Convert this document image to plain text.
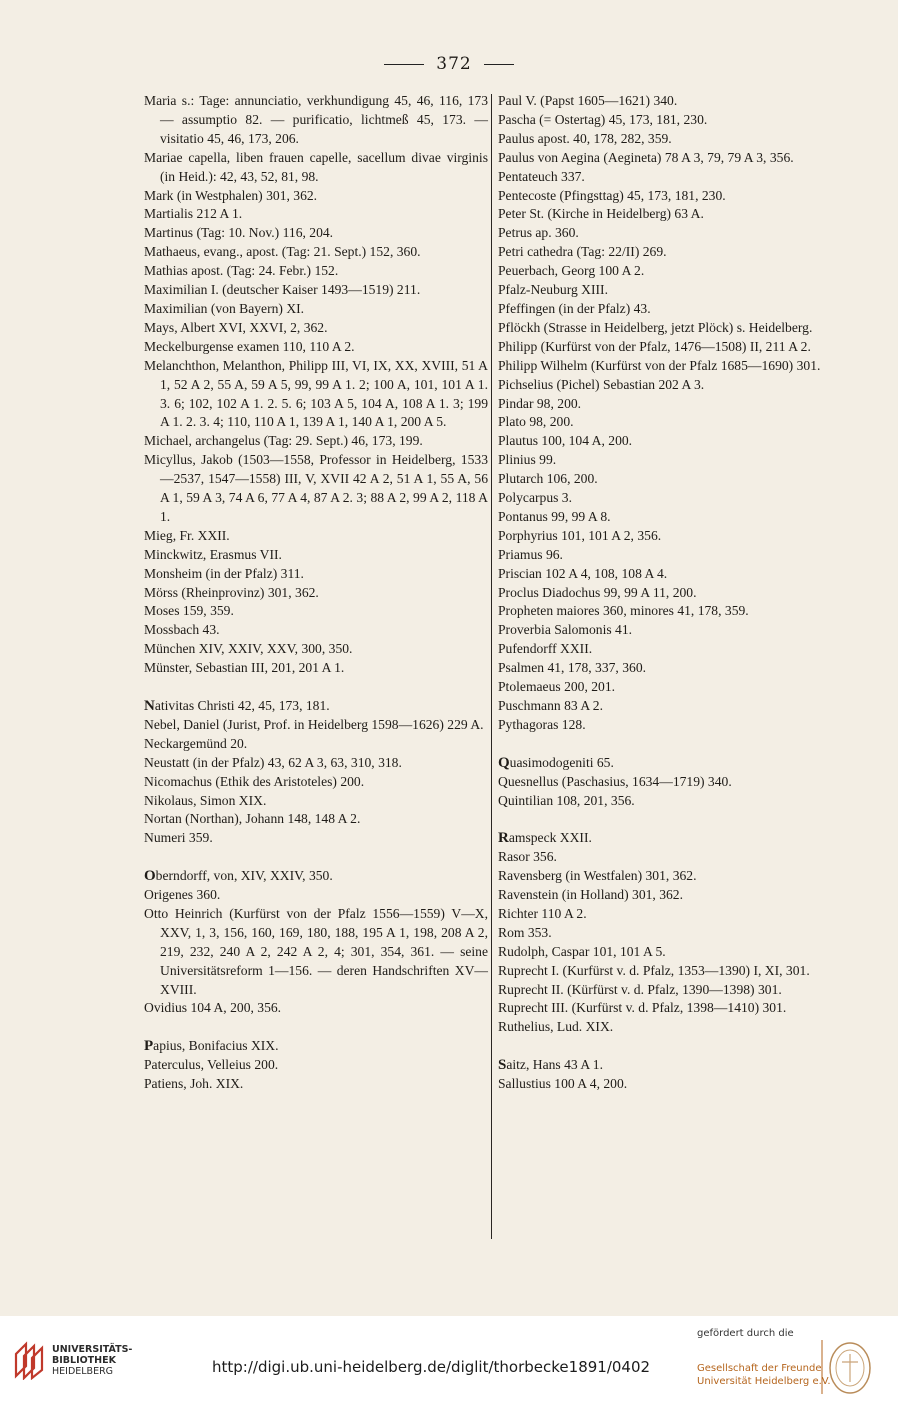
372
Maria s.: Tage: annunciatio, verkhundigung 45, 46, 116, 173 — assumptio 82. — purificatio, lichtmeß 45, 173. — visitatio 45, 46, 173, 206.
Mariae capella, liben frauen capelle, sacellum divae virginis (in Heid.): 42, 43, 52, 81, 98.
Mark (in Westphalen) 301, 362.
Martialis 212 A 1.
Martinus (Tag: 10. Nov.) 116, 204.
Mathaeus, evang., apost. (Tag: 21. Sept.) 152, 360.
Mathias apost. (Tag: 24. Febr.) 152.
Maximilian I. (deutscher Kaiser 1493—1519) 211.
Maximilian (von Bayern) XI.
Mays, Albert XVI, XXVI, 2, 362.
Meckelburgense examen 110, 110 A 2.
Melanchthon, Melanthon, Philipp III, VI, IX, XX, XVIII, 51 A 1, 52 A 2, 55 A, 59 A 5, 99, 99 A 1. 2; 100 A, 101, 101 A 1. 3. 6; 102, 102 A 1. 2. 5. 6; 103 A 5, 104 A, 108 A 1. 3; 199 A 1. 2. 3. 4; 110, 110 A 1, 139 A 1, 140 A 1, 200 A 5.
Michael, archangelus (Tag: 29. Sept.) 46, 173, 199.
Micyllus, Jakob (1503—1558, Professor in Heidelberg, 1533—2537, 1547—1558) III, V, XVII 42 A 2, 51 A 1, 55 A, 56 A 1, 59 A 3, 74 A 6, 77 A 4, 87 A 2. 3; 88 A 2, 99 A 2, 118 A 1.
Mieg, Fr. XXII.
Minckwitz, Erasmus VII.
Monsheim (in der Pfalz) 311.
Mörss (Rheinprovinz) 301, 362.
Moses 159, 359.
Mossbach 43.
München XIV, XXIV, XXV, 300, 350.
Münster, Sebastian III, 201, 201 A 1.
Nativitas Christi 42, 45, 173, 181.
Nebel, Daniel (Jurist, Prof. in Heidelberg 1598—1626) 229 A.
Neckargemünd 20.
Neustatt (in der Pfalz) 43, 62 A 3, 63, 310, 318.
Nicomachus (Ethik des Aristoteles) 200.
Nikolaus, Simon XIX.
Nortan (Northan), Johann 148, 148 A 2.
Numeri 359.
Oberndorff, von, XIV, XXIV, 350.
Origenes 360.
Otto Heinrich (Kurfürst von der Pfalz 1556—1559) V—X, XXV, 1, 3, 156, 160, 169, 180, 188, 195 A 1, 198, 208 A 2, 219, 232, 240 A 2, 242 A 2, 4; 301, 354, 361. — seine Universitätsreform 1—156. — deren Handschriften XV—XVIII.
Ovidius 104 A, 200, 356.
Papius, Bonifacius XIX.
Paterculus, Velleius 200.
Patiens, Joh. XIX.
Paul V. (Papst 1605—1621) 340.
Pascha (= Ostertag) 45, 173, 181, 230.
Paulus apost. 40, 178, 282, 359.
Paulus von Aegina (Aegineta) 78 A 3, 79, 79 A 3, 356.
Pentateuch 337.
Pentecoste (Pfingsttag) 45, 173, 181, 230.
Peter St. (Kirche in Heidelberg) 63 A.
Petrus ap. 360.
Petri cathedra (Tag: 22/II) 269.
Peuerbach, Georg 100 A 2.
Pfalz-Neuburg XIII.
Pfeffingen (in der Pfalz) 43.
Pflöckh (Strasse in Heidelberg, jetzt Plöck) s. Heidelberg.
Philipp (Kurfürst von der Pfalz, 1476—1508) II, 211 A 2.
Philipp Wilhelm (Kurfürst von der Pfalz 1685—1690) 301.
Pichselius (Pichel) Sebastian 202 A 3.
Pindar 98, 200.
Plato 98, 200.
Plautus 100, 104 A, 200.
Plinius 99.
Plutarch 106, 200.
Polycarpus 3.
Pontanus 99, 99 A 8.
Porphyrius 101, 101 A 2, 356.
Priamus 96.
Priscian 102 A 4, 108, 108 A 4.
Proclus Diadochus 99, 99 A 11, 200.
Propheten maiores 360, minores 41, 178, 359.
Proverbia Salomonis 41.
Pufendorff XXII.
Psalmen 41, 178, 337, 360.
Ptolemaeus 200, 201.
Puschmann 83 A 2.
Pythagoras 128.
Quasimodogeniti 65.
Quesnellus (Paschasius, 1634—1719) 340.
Quintilian 108, 201, 356.
Ramspeck XXII.
Rasor 356.
Ravensberg (in Westfalen) 301, 362.
Ravenstein (in Holland) 301, 362.
Richter 110 A 2.
Rom 353.
Rudolph, Caspar 101, 101 A 5.
Ruprecht I. (Kurfürst v. d. Pfalz, 1353—1390) I, XI, 301.
Ruprecht II. (Kürfürst v. d. Pfalz, 1390—1398) 301.
Ruprecht III. (Kurfürst v. d. Pfalz, 1398—1410) 301.
Ruthelius, Lud. XIX.
Saitz, Hans 43 A 1.
Sallustius 100 A 4, 200.
UNIVERSITÄTS-
BIBLIOTHEK
HEIDELBERG	http://digi.ub.uni-heidelberg.de/diglit/thorbecke1891/0402
gefördert durch die
Gesellschaft der Freunde
Universität Heidelberg e.V.
